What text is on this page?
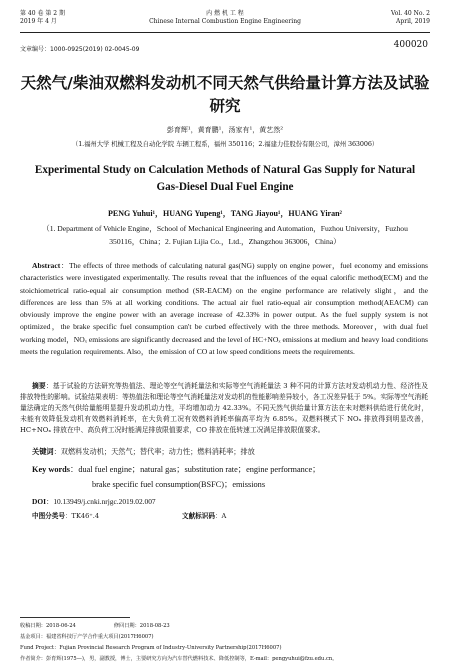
第 40 卷 第 2 期
2019 年 4 月
内 燃 机 工 程
Chinese Internal Combustion Engine Engineering
Vol. 40 No. 2
April, 2019
文章编号：1000-0925(2019) 02-0045-09	400020
天然气/柴油双燃料发动机不同天然气供给量计算方法及试验研究
彭育辉¹，黄育鹏¹，汤家有¹，黄艺然²
（1.福州大学 机械工程及自动化学院 车辆工程系，福州 350116；2.福建力佳股份有限公司，漳州 363006）
Experimental Study on Calculation Methods of Natural Gas Supply for Natural Gas-Diesel Dual Fuel Engine
PENG Yuhui¹，HUANG Yupeng¹，TANG Jiayou¹，HUANG Yiran²
（1. Department of Vehicle Engine，School of Mechanical Engineering and Automation，Fuzhou University，Fuzhou 350116，China；2. Fujian Lijia Co.，Ltd.，Zhangzhou 363006，China）
Abstract：The effects of three methods of calculating natural gas(NG) supply on engine power，fuel economy and emissions characteristics were investigated experimentally. The results reveal that the influences of the equal calorific method(ECM) and the stoichiometrical ratio-equal air consumption method (SR-EACM) on the engine performance are relatively slight，and the differences are less than 5% at all working conditions. The actual air fuel ratio-equal air consumption method(AEACM) can obviously improve the engine power with an average increase of 42.33% in power output. As the fuel supply system is not optimized，the brake specific fuel consumption can't be curbed effectively with the three methods. Moreover，with dual fuel working model，NOₓ emissions are significantly decreased and the level of HC+NOₓ emissions at medium and heavy load conditions meets the regulation requirements. Also，the emission of CO at low speed conditions meets the requirements.
摘要：基于试验的方法研究等热值法、理论等空气消耗量法和实际等空气消耗量法 3 种不同的计算方法对发动机动力性、经济性及排放特性的影响。试验结果表明：等热值法和理论等空气消耗量法对发动机的性能影响差异较小，各工况差异低于 5%。实际等空气消耗量法确定的天然气供给量能明显提升发动机动力性，平均增加动力 42.33%。不同天然气供给量计算方法在未对燃料供给进行优化时，未能有效降低发动机有效燃料消耗率，在大负荷工况有效燃料消耗率偏高平均为 6.85%。双燃料模式下 NOₓ 排放得到明显改善，HC+NOₓ 排放在中、高负荷工况时能满足排放限值要求，CO 排放在低转速工况满足排放限值要求。
关键词：双燃料发动机；天然气；替代率；动力性；燃料消耗率；排放
Key words：dual fuel engine；natural gas；substitution rate；engine performance；
brake specific fuel consumption(BSFC)；emissions
DOI：10.13949/j.cnki.nrjgc.2019.02.007
中图分类号：TK46⁺.4	文献标识码：A
收稿日期：2018-06-24	修回日期：2018-08-23
基金项目：福建省科技厅产学合作重大项目(2017H6007)
Fund Project：Fujian Provincial Research Program of Industry-University Partnership(2017H6007)
作者简介：彭育辉(1975—)，男，副教授，博士，主要研究方向为汽车替代燃料技术、降低控制等，E-mail：pengyuhui@fzu.edu.cn。
